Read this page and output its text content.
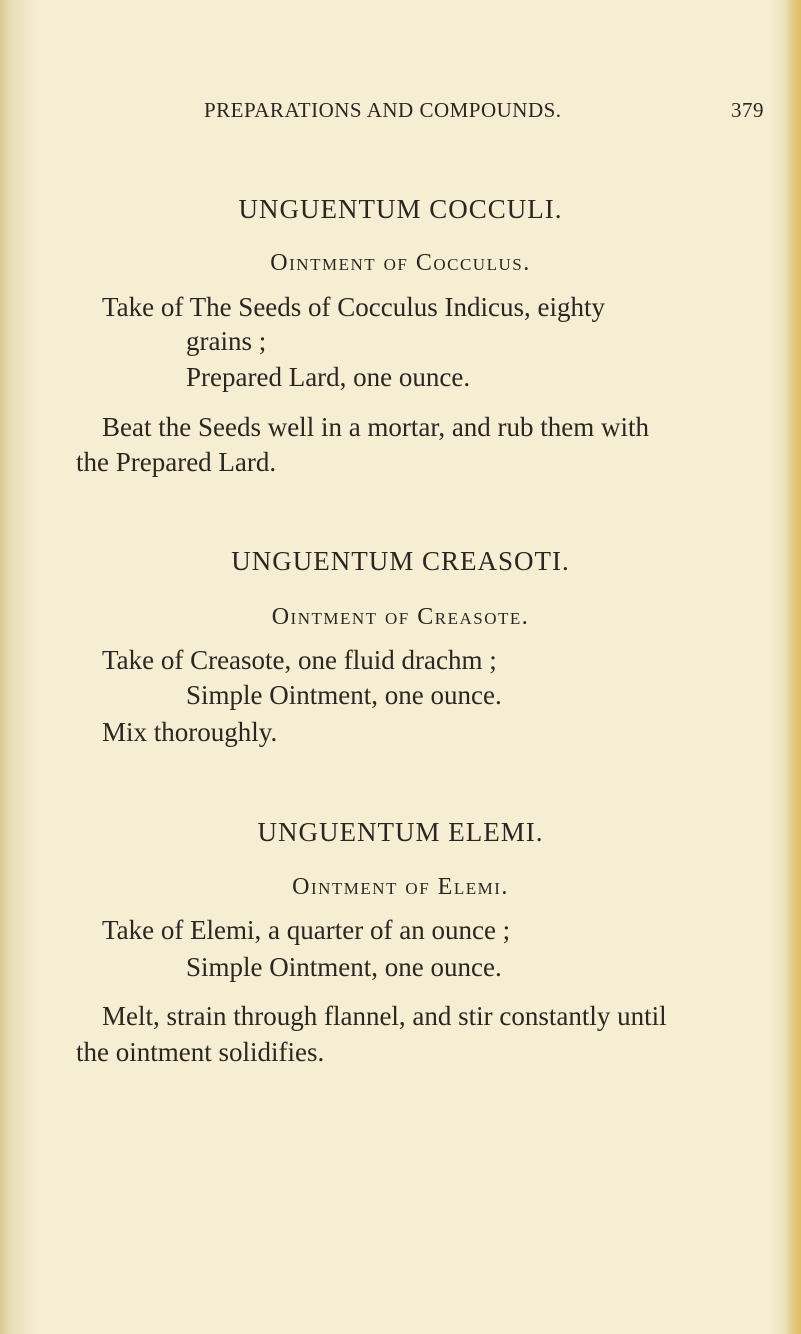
PREPARATIONS AND COMPOUNDS.	379
UNGUENTUM COCCULI.
Ointment of Cocculus.
Take of The Seeds of Cocculus Indicus, eighty
grains ;
Prepared Lard, one ounce.
Beat the Seeds well in a mortar, and rub them with
the Prepared Lard.
UNGUENTUM CREASOTI.
Ointment of Creasote.
Take of Creasote, one fluid drachm ;
Simple Ointment, one ounce.
Mix thoroughly.
UNGUENTUM ELEMI.
Ointment of Elemi.
Take of Elemi, a quarter of an ounce ;
Simple Ointment, one ounce.
Melt, strain through flannel, and stir constantly until
the ointment solidifies.
